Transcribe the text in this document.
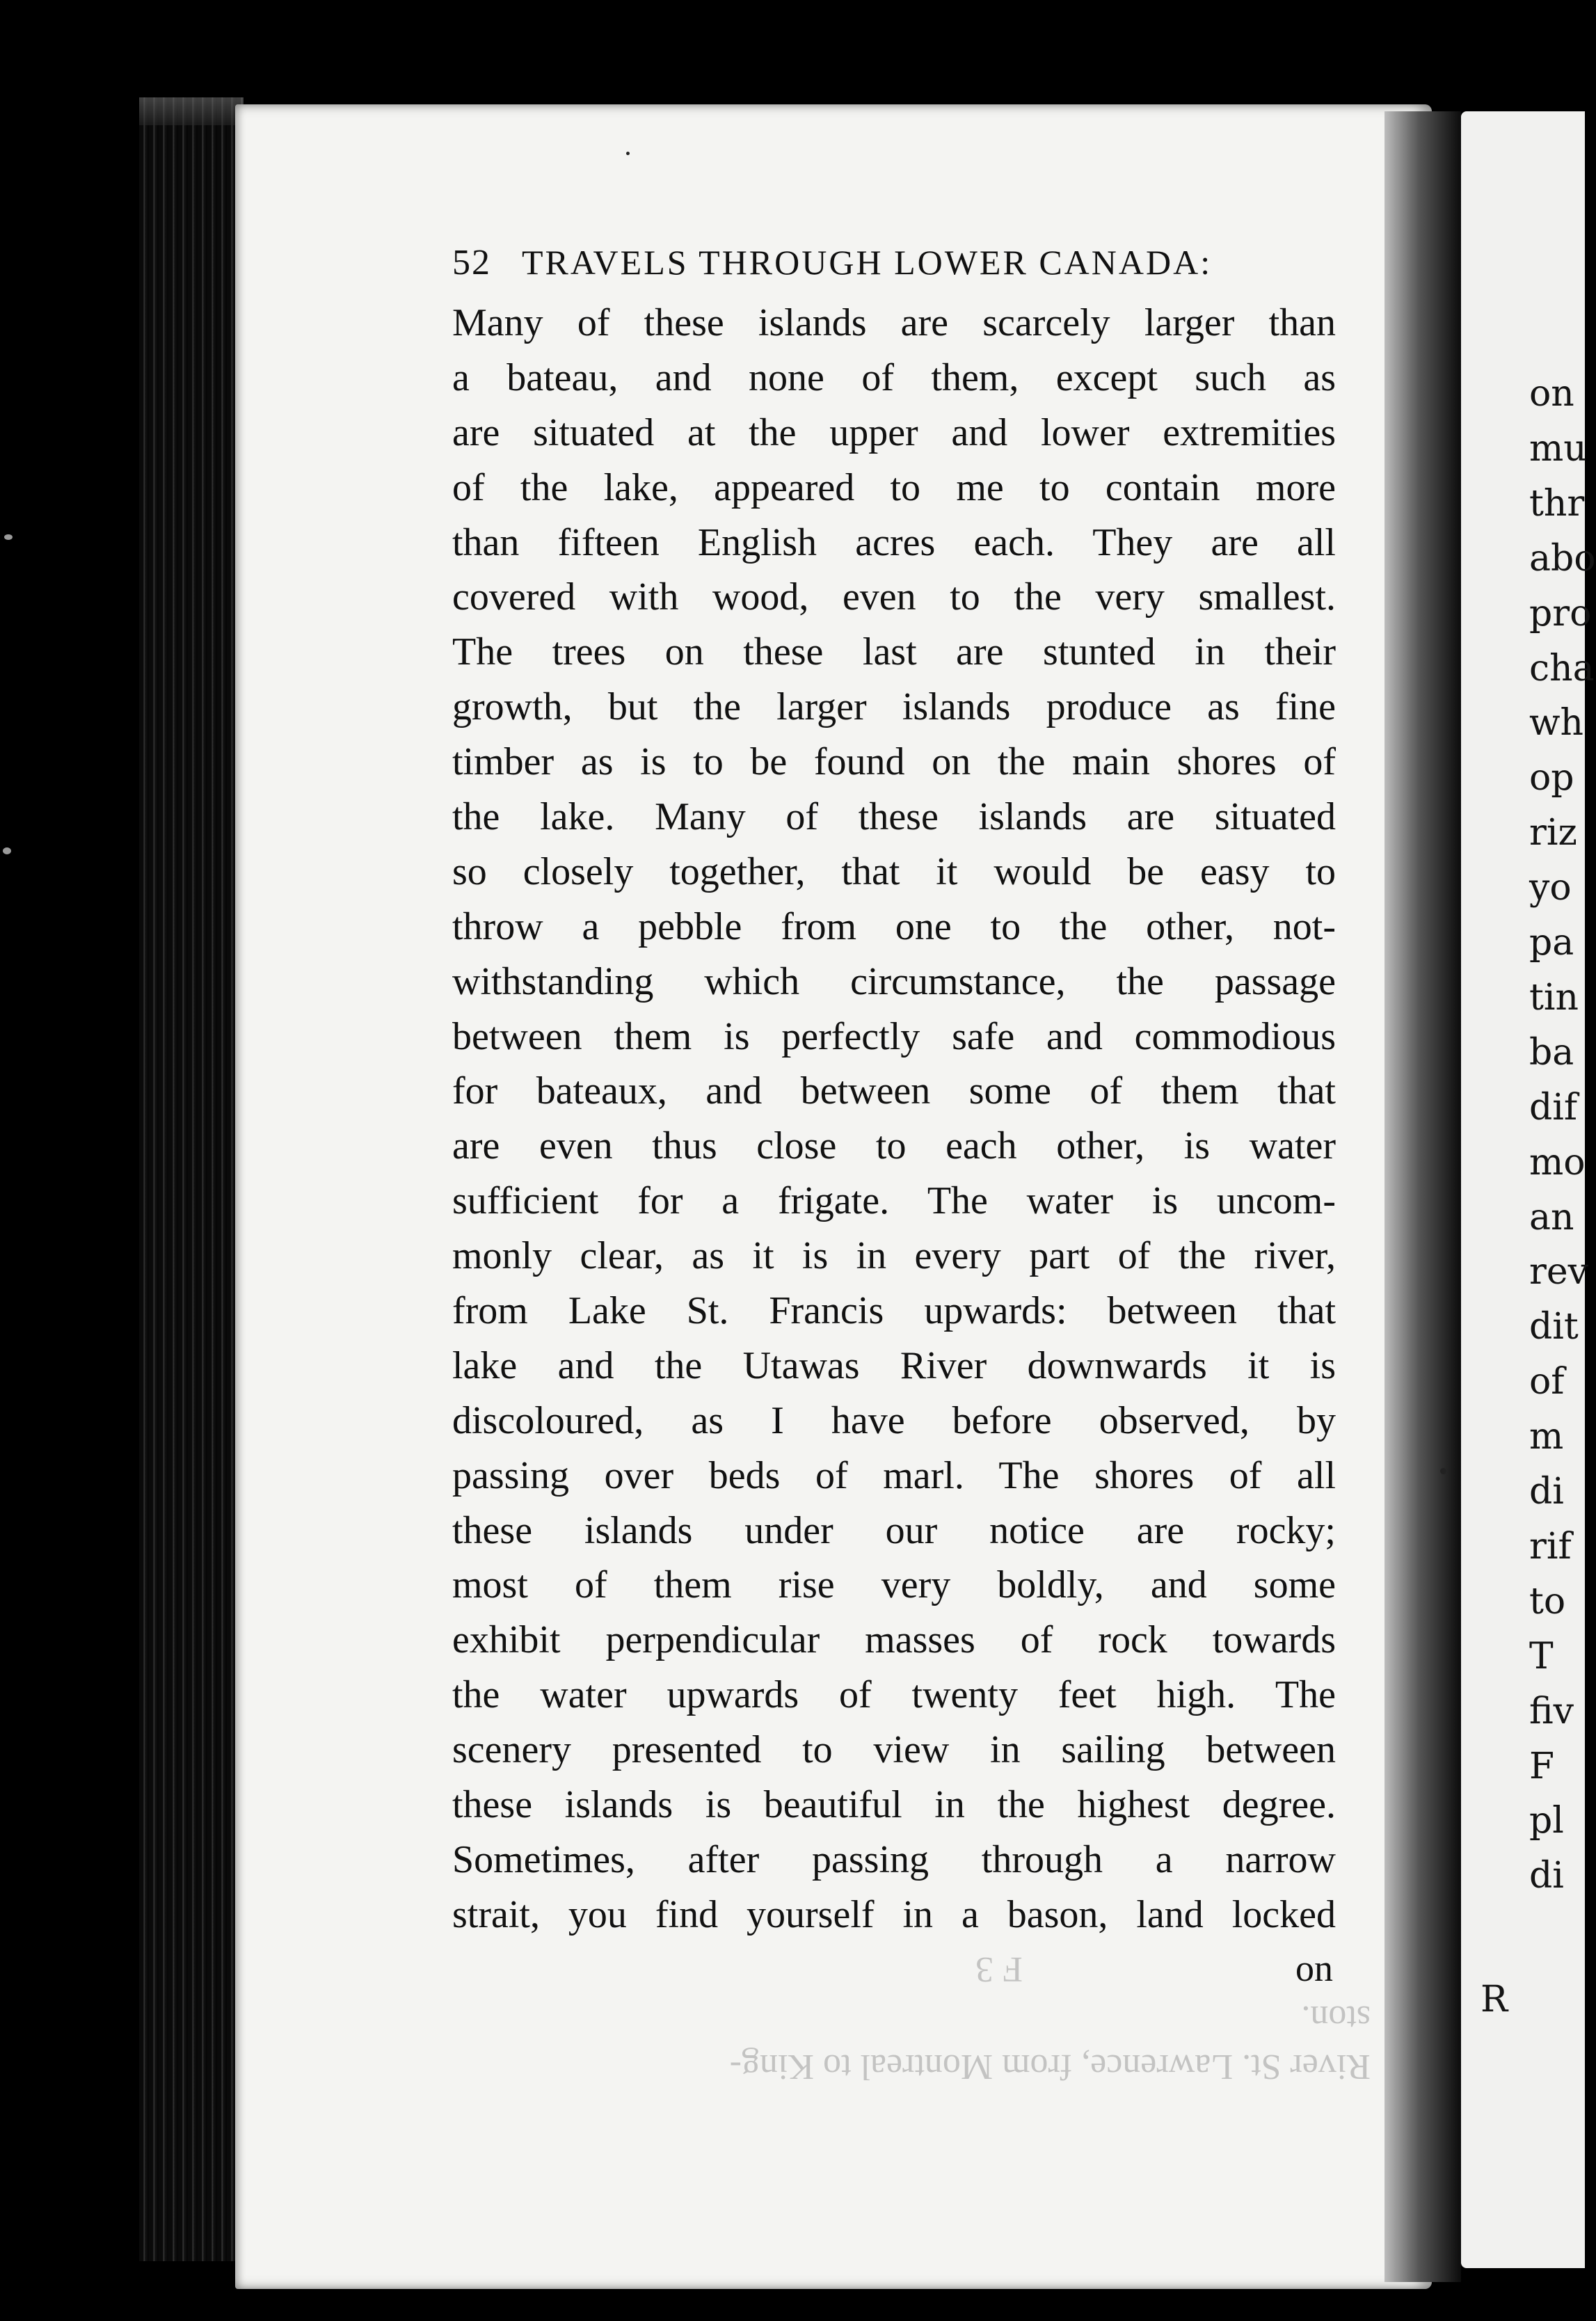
on
mu
thr
abo
pro
cha
wh
op
riz
yo
pa
tin
ba
dif
mo
an
rev
dit
of
m
di
rif
to
T
fiv
F
pl
di
R
River St. Lawrence, from Montreal to King-
ston.
F 3
52 TRAVELS THROUGH LOWER CANADA:
Many of these islands are scarcely larger than
a bateau, and none of them, except such as
are situated at the upper and lower extremities
of the lake, appeared to me to contain more
than fifteen English acres each. They are all
covered with wood, even to the very smallest.
The trees on these last are stunted in their
growth, but the larger islands produce as fine
timber as is to be found on the main shores of
the lake. Many of these islands are situated
so closely together, that it would be easy to
throw a pebble from one to the other, not-
withstanding which circumstance, the passage
between them is perfectly safe and commodious
for bateaux, and between some of them that
are even thus close to each other, is water
sufficient for a frigate. The water is uncom-
monly clear, as it is in every part of the river,
from Lake St. Francis upwards: between that
lake and the Utawas River downwards it is
discoloured, as I have before observed, by
passing over beds of marl. The shores of all
these islands under our notice are rocky;
most of them rise very boldly, and some
exhibit perpendicular masses of rock towards
the water upwards of twenty feet high. The
scenery presented to view in sailing between
these islands is beautiful in the highest degree.
Sometimes, after passing through a narrow
strait, you find yourself in a bason, land locked
on
